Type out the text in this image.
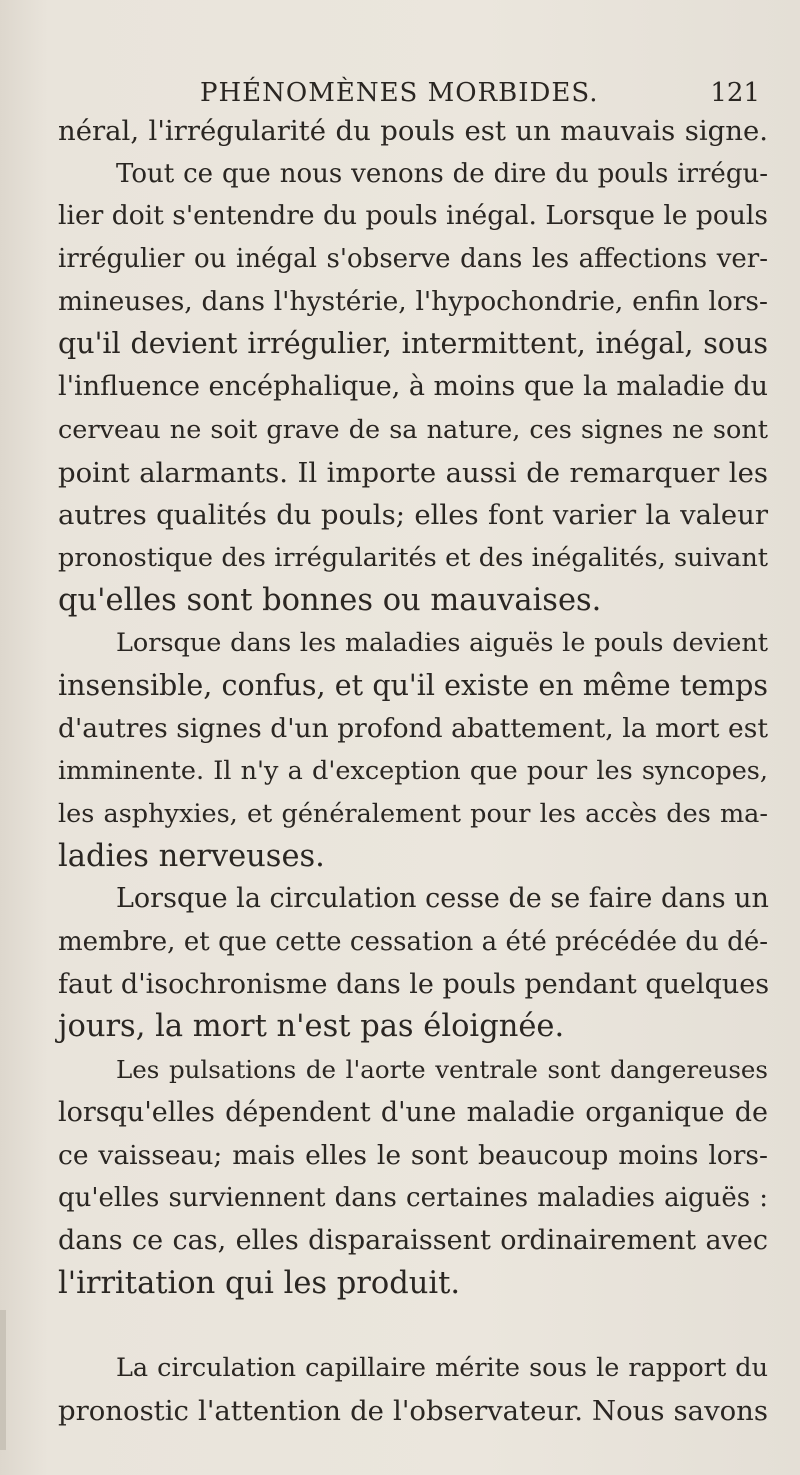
PHÉNOMÈNES MORBIDES.	121
néral, l'irrégularité du pouls est un mauvais signe.
Tout ce que nous venons de dire du pouls irrégu-
lier doit s'entendre du pouls inégal. Lorsque le pouls
irrégulier ou inégal s'observe dans les affections ver-
mineuses, dans l'hystérie, l'hypochondrie, enfin lors-
qu'il devient irrégulier, intermittent, inégal, sous
l'influence encéphalique, à moins que la maladie du
cerveau ne soit grave de sa nature, ces signes ne sont
point alarmants. Il importe aussi de remarquer les
autres qualités du pouls; elles font varier la valeur
pronostique des irrégularités et des inégalités, suivant
qu'elles sont bonnes ou mauvaises.
Lorsque dans les maladies aiguës le pouls devient
insensible, confus, et qu'il existe en même temps
d'autres signes d'un profond abattement, la mort est
imminente. Il n'y a d'exception que pour les syncopes,
les asphyxies, et généralement pour les accès des ma-
ladies nerveuses.
Lorsque la circulation cesse de se faire dans un
membre, et que cette cessation a été précédée du dé-
faut d'isochronisme dans le pouls pendant quelques
jours, la mort n'est pas éloignée.
Les pulsations de l'aorte ventrale sont dangereuses
lorsqu'elles dépendent d'une maladie organique de
ce vaisseau; mais elles le sont beaucoup moins lors-
qu'elles surviennent dans certaines maladies aiguës :
dans ce cas, elles disparaissent ordinairement avec
l'irritation qui les produit.
La circulation capillaire mérite sous le rapport du
pronostic l'attention de l'observateur. Nous savons
